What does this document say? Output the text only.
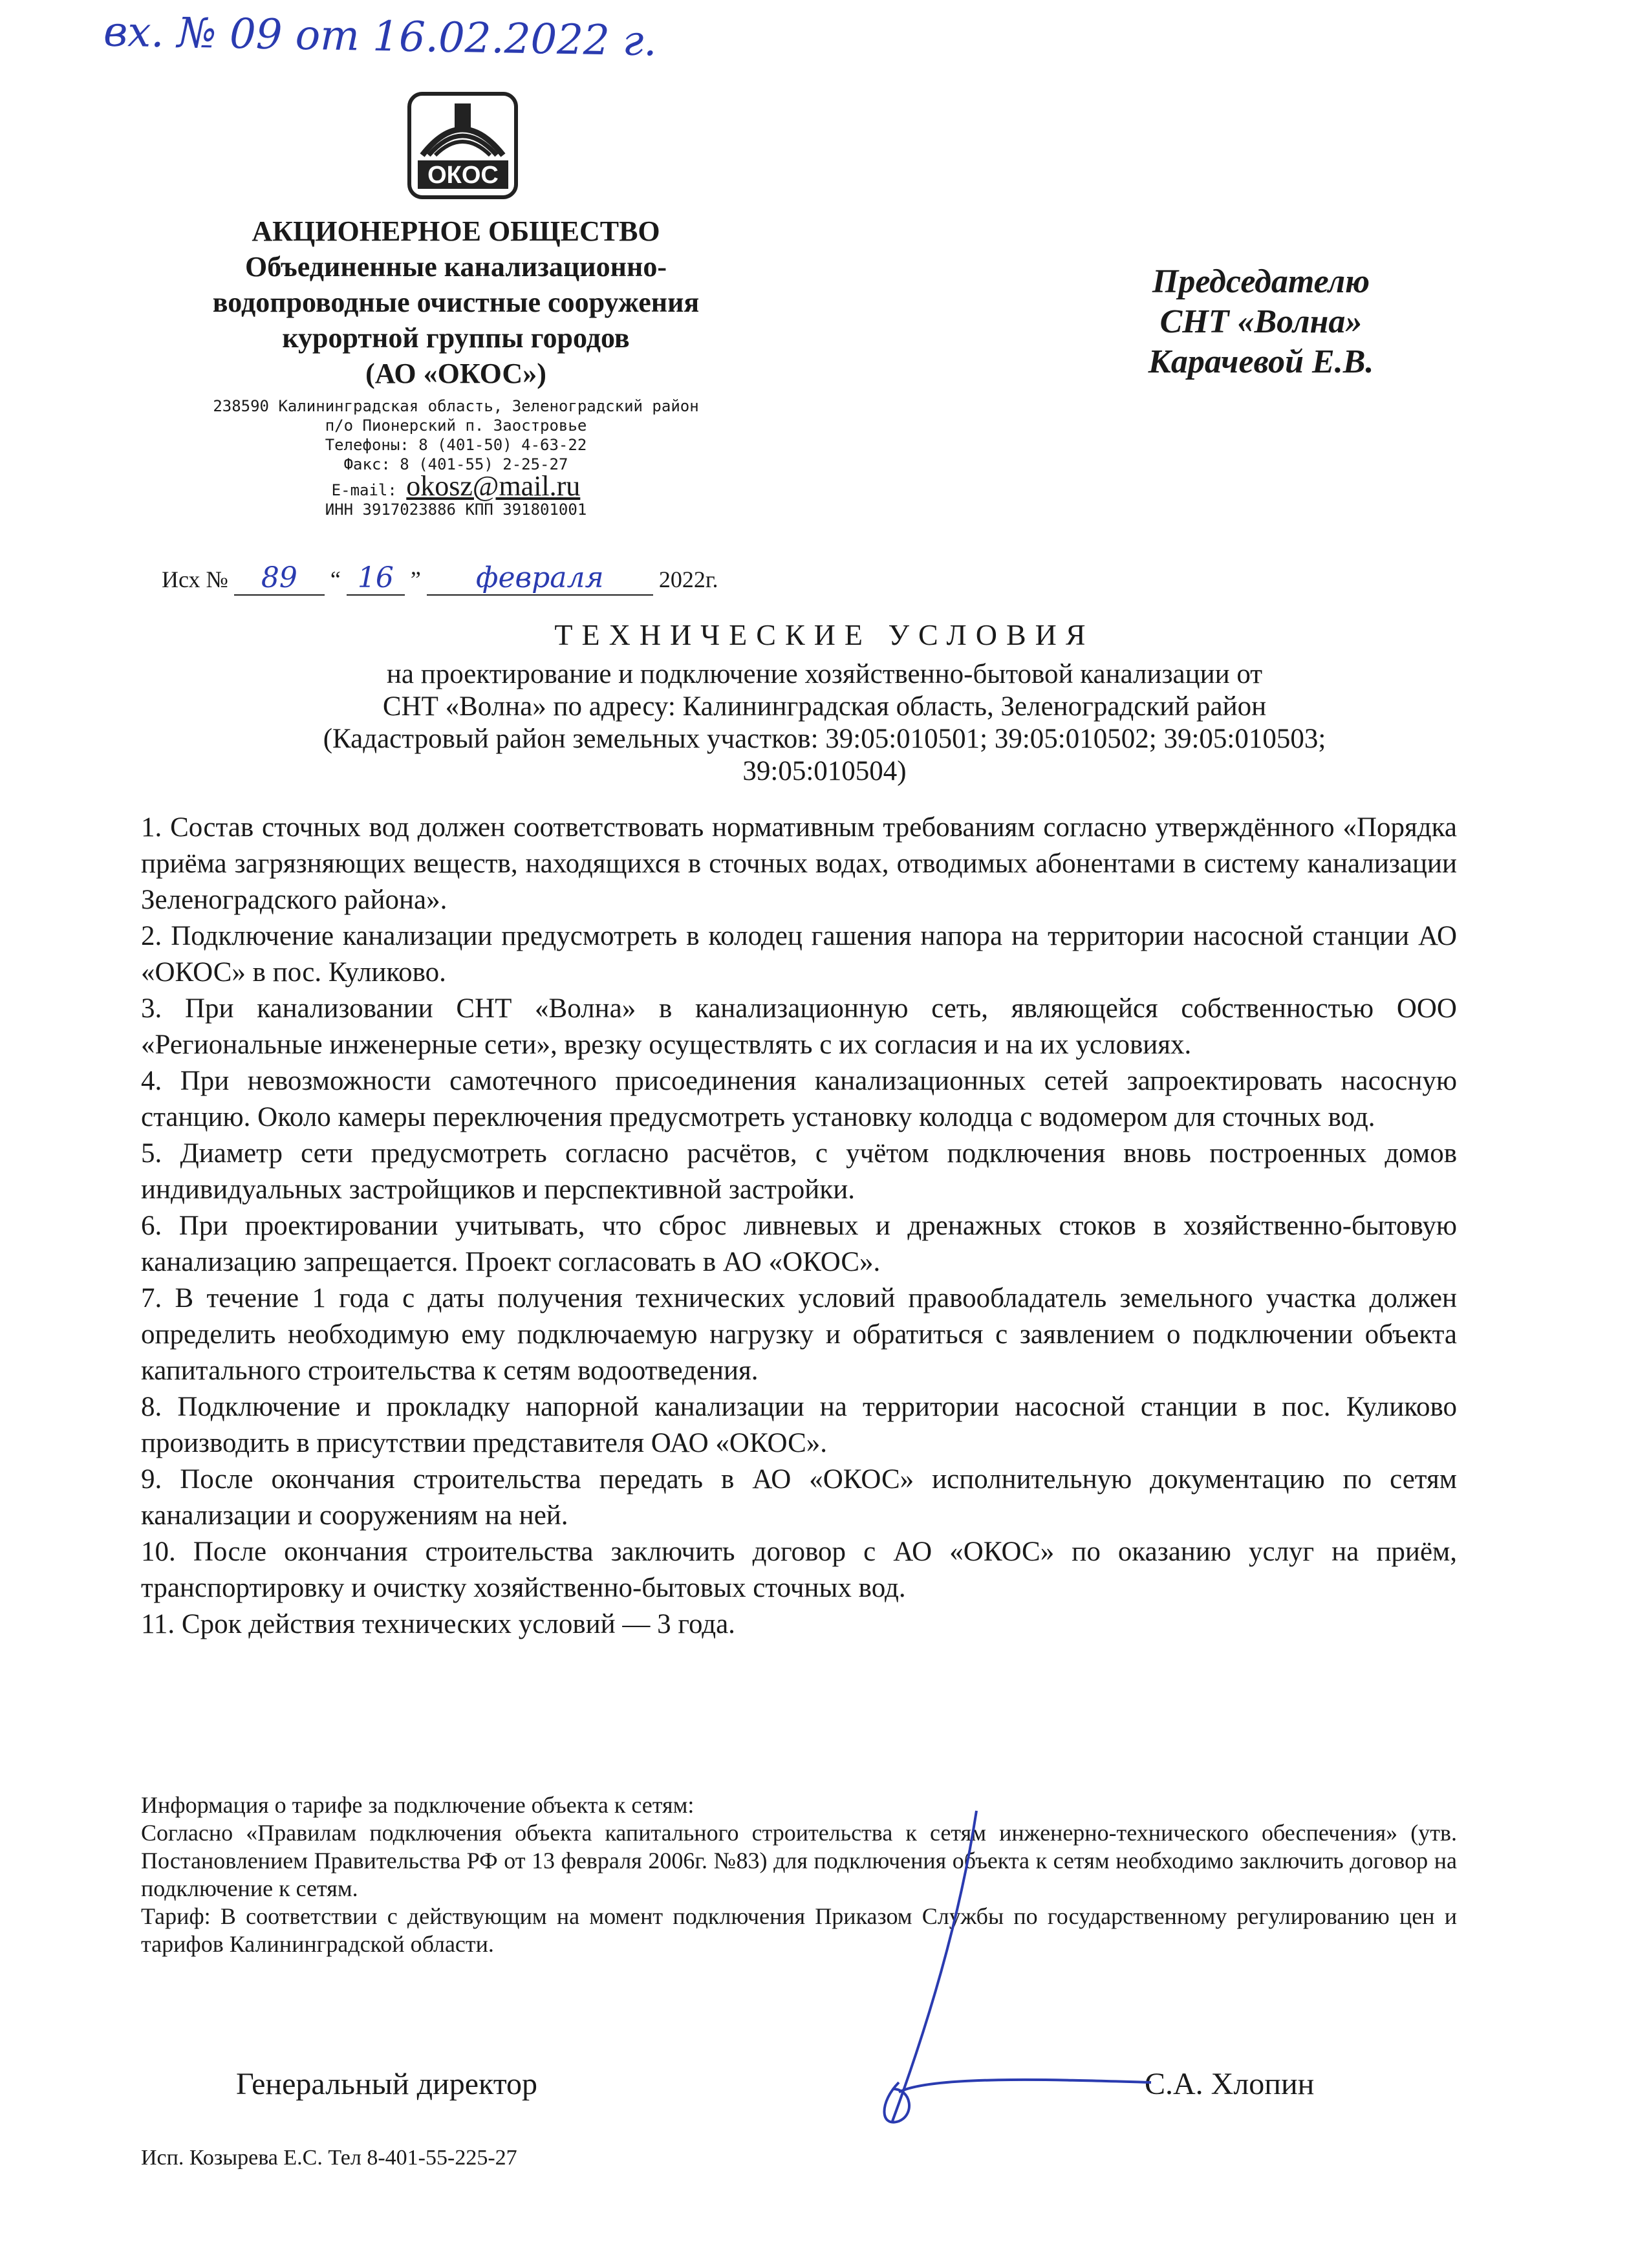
вх. № 09 от 16.02.2022 г.
ОКОС
АКЦИОНЕРНОЕ ОБЩЕСТВО
Объединенные канализационно-
водопроводные очистные сооружения
курортной группы городов
(АО «ОКОС»)
238590 Калининградская область, Зеленоградский район
п/о Пионерский п. Заостровье
Телефоны: 8 (401-50) 4-63-22
Факс: 8 (401-55) 2-25-27
E-mail: okosz@mail.ru
ИНН 3917023886 КПП 391801001
Председателю
СНТ «Волна»
Карачевой Е.В.
Исх № 89 “ 16 ” февраля 2022г.
ТЕХНИЧЕСКИЕ УСЛОВИЯ
на проектирование и подключение хозяйственно-бытовой канализации от
СНТ «Волна» по адресу: Калининградская область, Зеленоградский район
(Кадастровый район земельных участков: 39:05:010501; 39:05:010502; 39:05:010503;
39:05:010504)
1. Состав сточных вод должен соответствовать нормативным требованиям согласно утверждённого «Порядка приёма загрязняющих веществ, находящихся в сточных водах, отводимых абонентами в систему канализации Зеленоградского района».
2. Подключение канализации предусмотреть в колодец гашения напора на территории насосной станции АО «ОКОС» в пос. Куликово.
3. При канализовании СНТ «Волна» в канализационную сеть, являющейся собственностью ООО «Региональные инженерные сети», врезку осуществлять с их согласия и на их условиях.
4. При невозможности самотечного присоединения канализационных сетей запроектировать насосную станцию. Около камеры переключения предусмотреть установку колодца с водомером для сточных вод.
5. Диаметр сети предусмотреть согласно расчётов, с учётом подключения вновь построенных домов индивидуальных застройщиков и перспективной застройки.
6. При проектировании учитывать, что сброс ливневых и дренажных стоков в хозяйственно-бытовую канализацию запрещается. Проект согласовать в АО «ОКОС».
7. В течение 1 года с даты получения технических условий правообладатель земельного участка должен определить необходимую ему подключаемую нагрузку и обратиться с заявлением о подключении объекта капитального строительства к сетям водоотведения.
8. Подключение и прокладку напорной канализации на территории насосной станции в пос. Куликово производить в присутствии представителя ОАО «ОКОС».
9. После окончания строительства передать в АО «ОКОС» исполнительную документацию по сетям канализации и сооружениям на ней.
10. После окончания строительства заключить договор с АО «ОКОС» по оказанию услуг на приём, транспортировку и очистку хозяйственно-бытовых сточных вод.
11. Срок действия технических условий — 3 года.
Информация о тарифе за подключение объекта к сетям:
Согласно «Правилам подключения объекта капитального строительства к сетям инженерно-технического обеспечения» (утв. Постановлением Правительства РФ от 13 февраля 2006г. №83) для подключения объекта к сетям необходимо заключить договор на подключение к сетям.
Тариф: В соответствии с действующим на момент подключения Приказом Службы по государственному регулированию цен и тарифов Калининградской области.
Генеральный директор	С.А. Хлопин
Исп. Козырева Е.С. Тел 8-401-55-225-27
